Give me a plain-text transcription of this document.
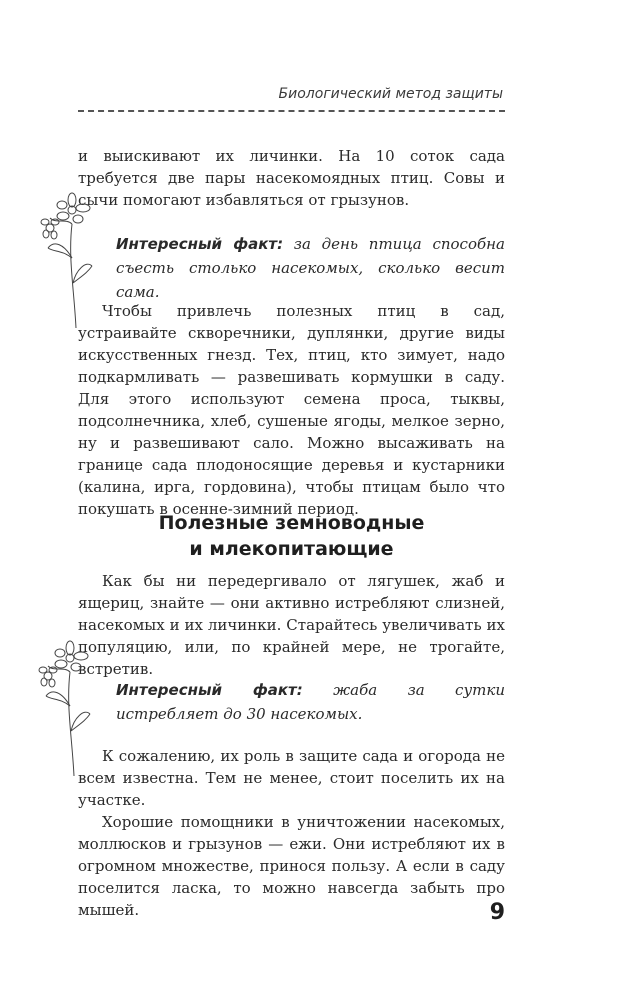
Биологический метод защиты

и выискивают их личинки. На 10 соток сада требуется две пары насекомоядных птиц. Совы и сычи помогают избавляться от грызунов.

Интересный факт: за день птица способна съесть столько насекомых, сколько весит сама.

Чтобы привлечь полезных птиц в сад, устраивайте скворечники, дуплянки, другие виды искусственных гнезд. Тех, птиц, кто зимует, надо подкармливать — развешивать кормушки в саду. Для этого используют семена проса, тыквы, подсолнечника, хлеб, сушеные ягоды, мелкое зерно, ну и развешивают сало. Можно высаживать на границе сада плодоносящие деревья и кустарники (калина, ирга, гордовина), чтобы птицам было что покушать в осенне-зимний период.

Полезные земноводные
и млекопитающие

Как бы ни передергивало от лягушек, жаб и ящериц, знайте — они активно истребляют слизней, насекомых и их личинки. Старайтесь увеличивать их популяцию, или, по крайней мере, не трогайте, встретив.

Интересный факт: жаба за сутки истребляет до 30 насекомых.

К сожалению, их роль в защите сада и огорода не всем известна. Тем не менее, стоит поселить их на участке.

Хорошие помощники в уничтожении насекомых, моллюсков и грызунов — ежи. Они истребляют их в огромном множестве, принося пользу. А если в саду поселится ласка, то можно навсегда забыть про мышей.	9
